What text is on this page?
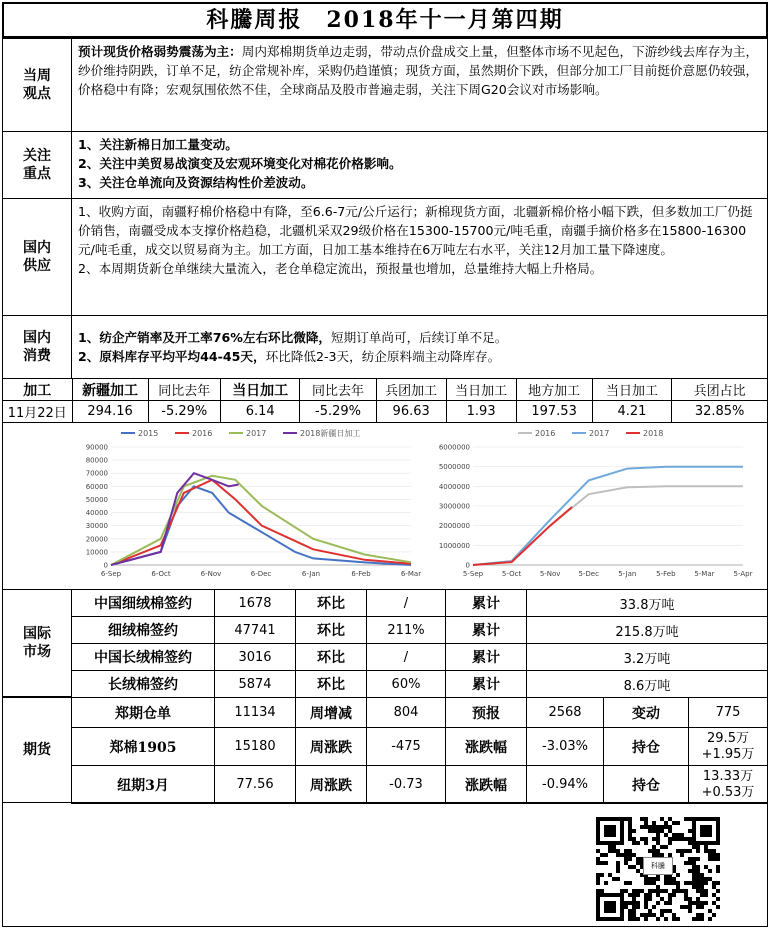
科騰周报　2018年十一月第四期
当周
观点
预计现货价格弱势震荡为主：周内郑棉期货单边走弱，带动点价盘成交上量，但整体市场不见起色，下游纱线去库存为主，纱价维持阴跌，订单不足，纺企常规补库，采购仍趋谨慎；现货方面，虽然期价下跌，但部分加工厂目前挺价意愿仍较强，价格稳中有降；宏观氛围依然不佳，全球商品及股市普遍走弱，关注下周G20会议对市场影响。
关注
重点
1、关注新棉日加工量变动。
2、关注中美贸易战演变及宏观环境变化对棉花价格影响。
3、关注仓单流向及资源结构性价差波动。
国内
供应
1、收购方面，南疆籽棉价格稳中有降，至6.6-7元/公斤运行；新棉现货方面，北疆新棉价格小幅下跌，但多数加工厂仍挺价销售，南疆受成本支撑价格趋稳，北疆机采双29级价格在15300-15700元/吨毛重，南疆手摘价格多在15800-16300元/吨毛重，成交以贸易商为主。加工方面，日加工基本维持在6万吨左右水平，关注12月加工量下降速度。
2、本周期货新仓单继续大量流入，老仓单稳定流出，预报量也增加，总量维持大幅上升格局。
国内
消费
1、纺企产销率及开工率76%左右环比微降，短期订单尚可，后续订单不足。
2、原料库存平均平均44-45天，环比降低2-3天，纺企原料端主动降库存。
加工	新疆加工	同比去年	当日加工	同比去年	兵团加工	当日加工	地方加工	当日加工	兵团占比
11月22日	294.16	-5.29%	6.14	-5.29%	96.63	1.93	197.53	4.21	32.85%
0
10000
20000
30000
40000
50000
60000
70000
80000
90000
6-Sep	6-Oct	6-Nov	6-Dec	6-Jan	6-Feb	6-Mar
2015	2016	2017	2018新疆日加工
0
1000000
2000000
3000000
4000000
5000000
6000000
5-Sep	5-Oct	5-Nov	5-Dec	5-Jan	5-Feb	5-Mar	5-Apr
2016	2017	2018
国际
市场
中国细绒棉签约	1678	环比	/	累计	33.8万吨
细绒棉签约	47741	环比	211%	累计	215.8万吨
中国长绒棉签约	3016	环比	/	累计	3.2万吨
长绒棉签约	5874	环比	60%	累计	8.6万吨
期货
郑期仓单	11134	周增减	804	预报	2568	变动	775
郑棉1905	15180	周涨跌	-475	涨跌幅	-3.03%	持仓	29.5万
+1.95万

纽期3月	77.56	周涨跌	-0.73	涨跌幅	-0.94%	持仓	13.33万
+0.53万
科騰
